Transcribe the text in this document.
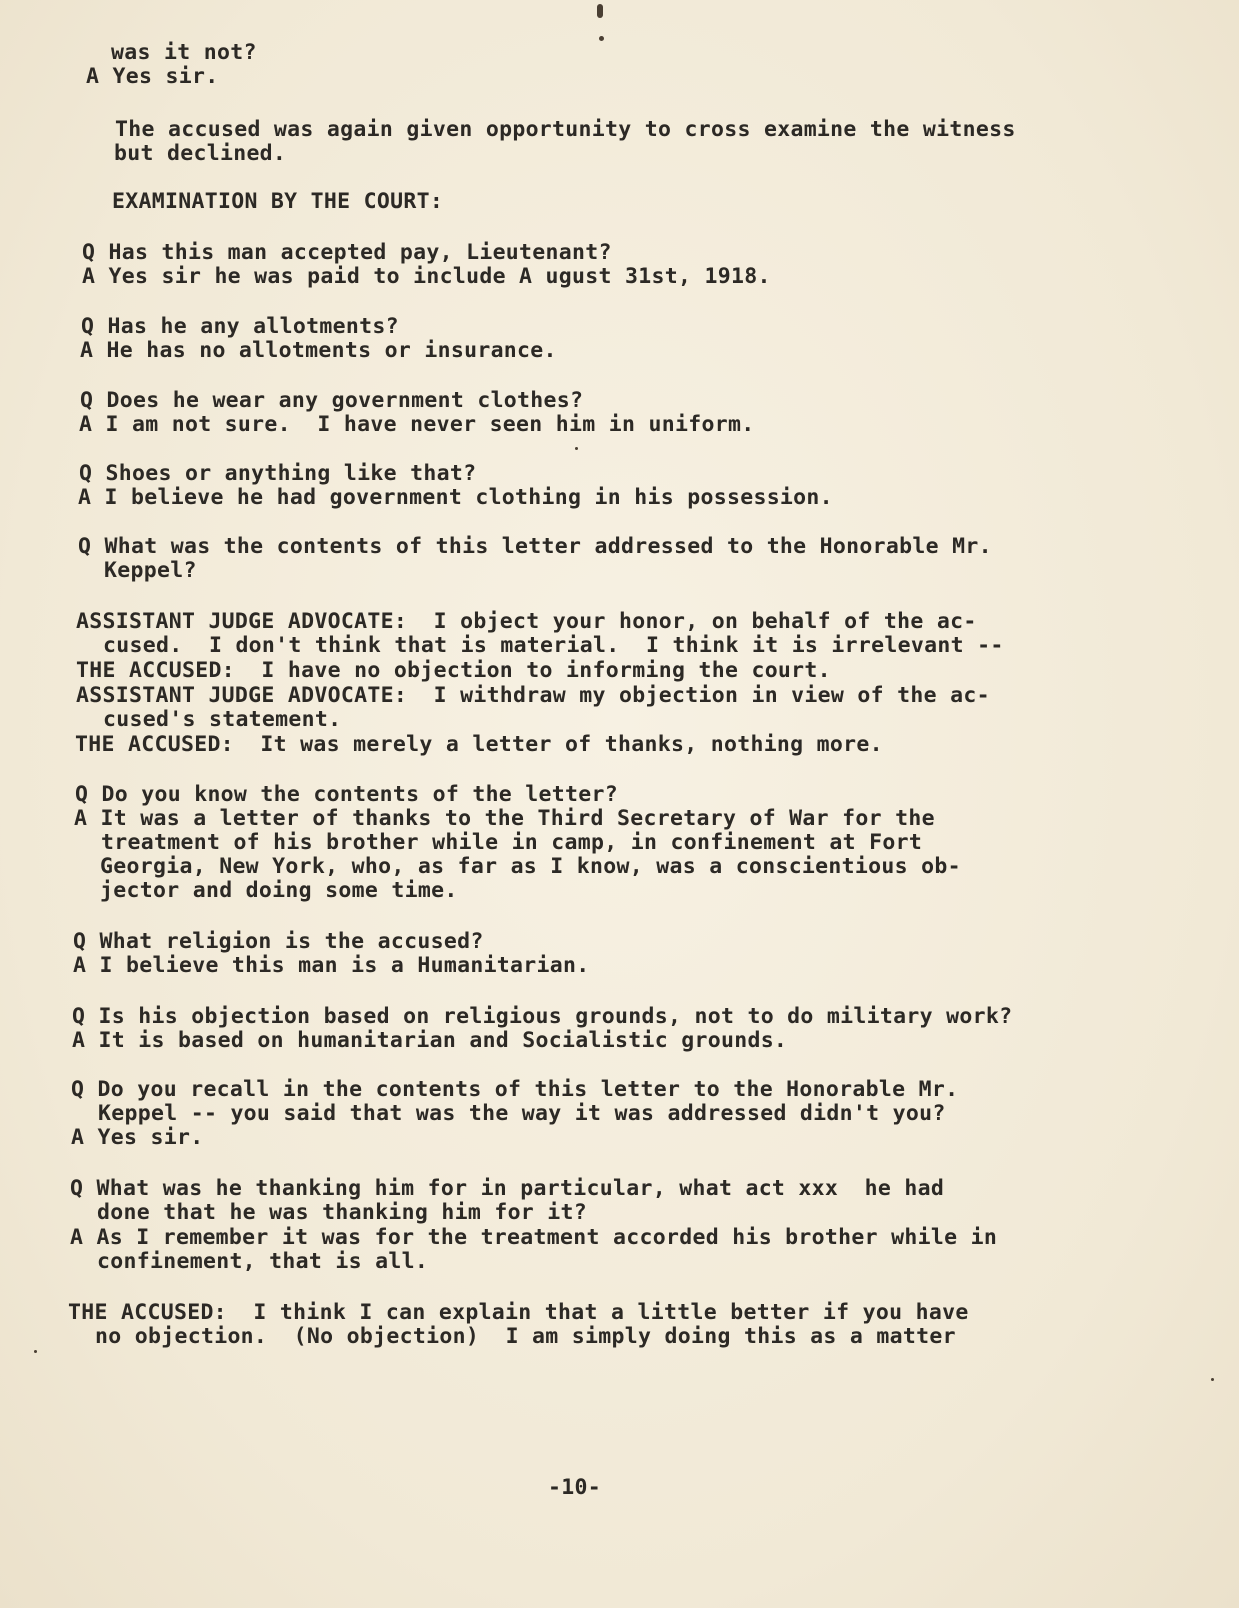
was it not?
A Yes sir.
The accused was again given opportunity to cross examine the witness
but declined.
EXAMINATION BY THE COURT:
Q Has this man accepted pay, Lieutenant?
A Yes sir he was paid to include A ugust 31st, 1918.
Q Has he any allotments?
A He has no allotments or insurance.
Q Does he wear any government clothes?
A I am not sure.  I have never seen him in uniform.
Q Shoes or anything like that?
A I believe he had government clothing in his possession.
Q What was the contents of this letter addressed to the Honorable Mr.
Keppel?
ASSISTANT JUDGE ADVOCATE:  I object your honor, on behalf of the ac-
cused.  I don't think that is material.  I think it is irrelevant --
THE ACCUSED:  I have no objection to informing the court.
ASSISTANT JUDGE ADVOCATE:  I withdraw my objection in view of the ac-
cused's statement.
THE ACCUSED:  It was merely a letter of thanks, nothing more.
Q Do you know the contents of the letter?
A It was a letter of thanks to the Third Secretary of War for the
treatment of his brother while in camp, in confinement at Fort
Georgia, New York, who, as far as I know, was a conscientious ob-
jector and doing some time.
Q What religion is the accused?
A I believe this man is a Humanitarian.
Q Is his objection based on religious grounds, not to do military work?
A It is based on humanitarian and Socialistic grounds.
Q Do you recall in the contents of this letter to the Honorable Mr.
Keppel -- you said that was the way it was addressed didn't you?
A Yes sir.
Q What was he thanking him for in particular, what act xxx  he had
done that he was thanking him for it?
A As I remember it was for the treatment accorded his brother while in
confinement, that is all.
THE ACCUSED:  I think I can explain that a little better if you have
no objection.  (No objection)  I am simply doing this as a matter
-10-
